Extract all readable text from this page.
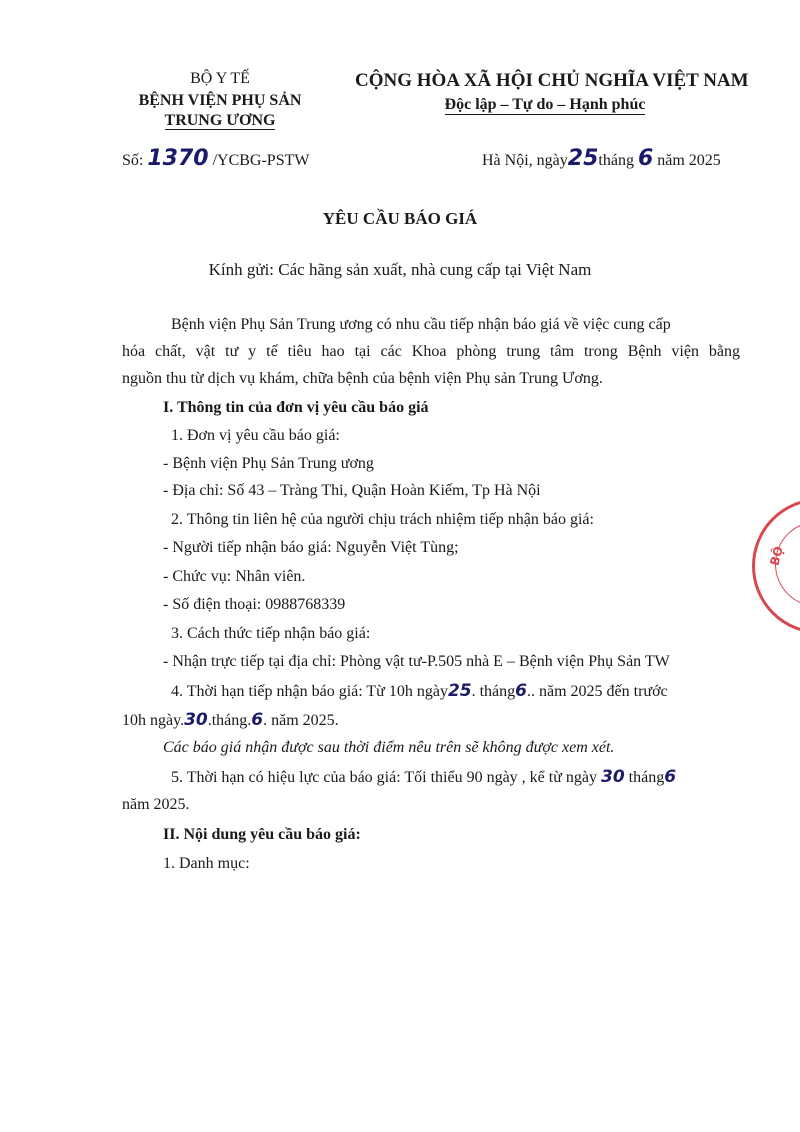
BỘ Y TẾ
BỆNH VIỆN PHỤ SẢN
TRUNG ƯƠNG
CỘNG HÒA XÃ HỘI CHỦ NGHĨA VIỆT NAM
Độc lập – Tự do – Hạnh phúc
Số: 1370 /YCBG-PSTW	Hà Nội, ngày25tháng 6 năm 2025
YÊU CẦU BÁO GIÁ
Kính gửi: Các hãng sản xuất, nhà cung cấp tại Việt Nam
Bệnh viện Phụ Sản Trung ương có nhu cầu tiếp nhận báo giá về việc cung cấp
hóa chất, vật tư y tế tiêu hao tại các Khoa phòng trung tâm trong Bệnh viện bằng
nguồn thu từ dịch vụ khám, chữa bệnh của bệnh viện Phụ sản Trung Ương.
I. Thông tin của đơn vị yêu cầu báo giá
1. Đơn vị yêu cầu báo giá:
- Bệnh viện Phụ Sản Trung ương
- Địa chỉ: Số 43 – Tràng Thi, Quận Hoàn Kiếm, Tp Hà Nội
2. Thông tin liên hệ của người chịu trách nhiệm tiếp nhận báo giá:
- Người tiếp nhận báo giá: Nguyễn Việt Tùng;
- Chức vụ: Nhân viên.
- Số điện thoại: 0988768339
3. Cách thức tiếp nhận báo giá:
- Nhận trực tiếp tại địa chỉ: Phòng vật tư-P.505 nhà E – Bệnh viện Phụ Sản TW
4. Thời hạn tiếp nhận báo giá: Từ 10h ngày25. tháng6.. năm 2025 đến trước
10h ngày.30.tháng.6. năm 2025.
Các báo giá nhận được sau thời điểm nêu trên sẽ không được xem xét.
5. Thời hạn có hiệu lực của báo giá: Tối thiểu 90 ngày , kể từ ngày 30 tháng6
năm 2025.
II. Nội dung yêu cầu báo giá:
1. Danh mục:
BỘ
